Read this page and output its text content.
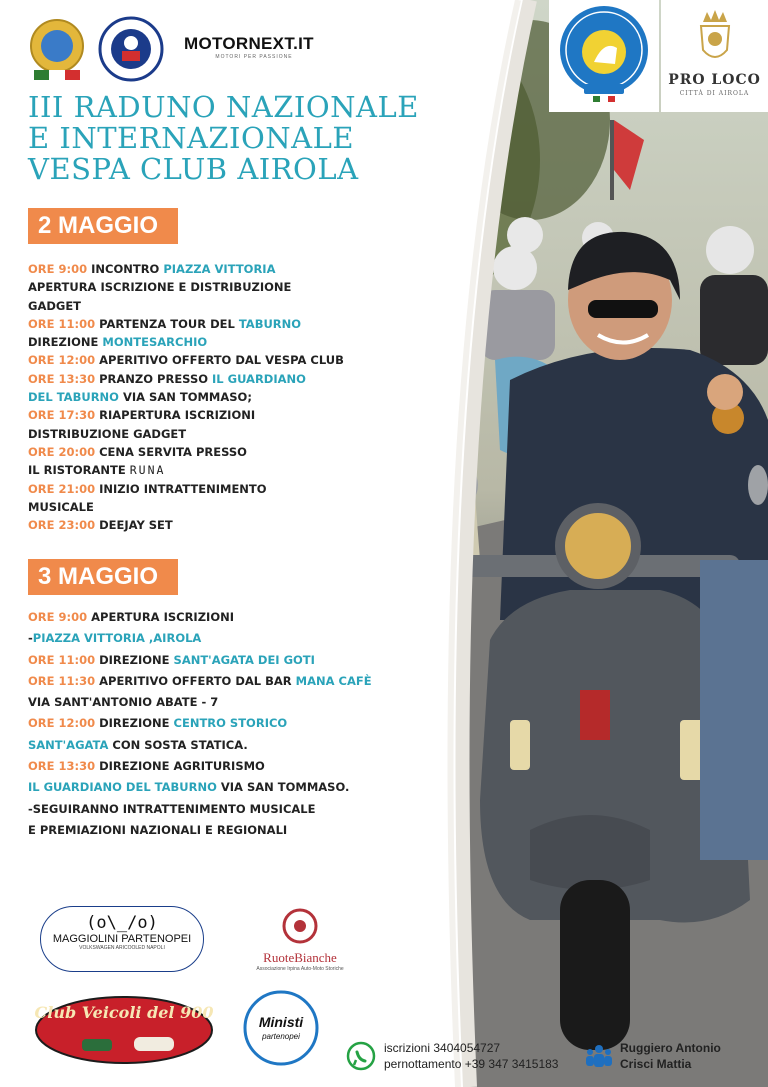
MOTORNEXT.IT
MOTORI PER PASSIONE
PRO LOCO
CITTÀ DI AIROLA
III RADUNO NAZIONALE
E INTERNAZIONALE
VESPA CLUB AIROLA
2 MAGGIO
ORE 9:00 INCONTRO PIAZZA VITTORIA
APERTURA ISCRIZIONE E DISTRIBUZIONE
GADGET
ORE 11:00 PARTENZA TOUR DEL TABURNO
DIREZIONE MONTESARCHIO
ORE 12:00 APERITIVO OFFERTO DAL VESPA CLUB
ORE 13:30 PRANZO PRESSO IL GUARDIANO
DEL TABURNO VIA SAN TOMMASO;
ORE 17:30 RIAPERTURA ISCRIZIONI
DISTRIBUZIONE GADGET
ORE 20:00 CENA SERVITA PRESSO
IL RISTORANTE RUNA
ORE 21:00 INIZIO INTRATTENIMENTO
MUSICALE
ORE 23:00 DEEJAY SET
3 MAGGIO
ORE 9:00 APERTURA ISCRIZIONI
-PIAZZA VITTORIA ,AIROLA
ORE 11:00 DIREZIONE SANT'AGATA DEI GOTI
ORE 11:30 APERITIVO OFFERTO DAL BAR MANA CAFÈ
VIA SANT'ANTONIO ABATE - 7
ORE 12:00 DIREZIONE CENTRO STORICO
SANT'AGATA CON SOSTA STATICA.
ORE 13:30 DIREZIONE AGRITURISMO
IL GUARDIANO DEL TABURNO VIA SAN TOMMASO.
-SEGUIRANNO INTRATTENIMENTO MUSICALE
E PREMIAZIONI NAZIONALI E REGIONALI
(o\_/o)
MAGGIOLINI PARTENOPEI
VOLKSWAGEN ARICOOLED NAPOLI
RuoteBianche
Associazione Irpina Auto-Moto Storiche
Club Veicoli del 900	Ministi
partenopei
iscrizioni 3404054727
pernottamento +39 347 3415183
Ruggiero Antonio
Crisci Mattia
